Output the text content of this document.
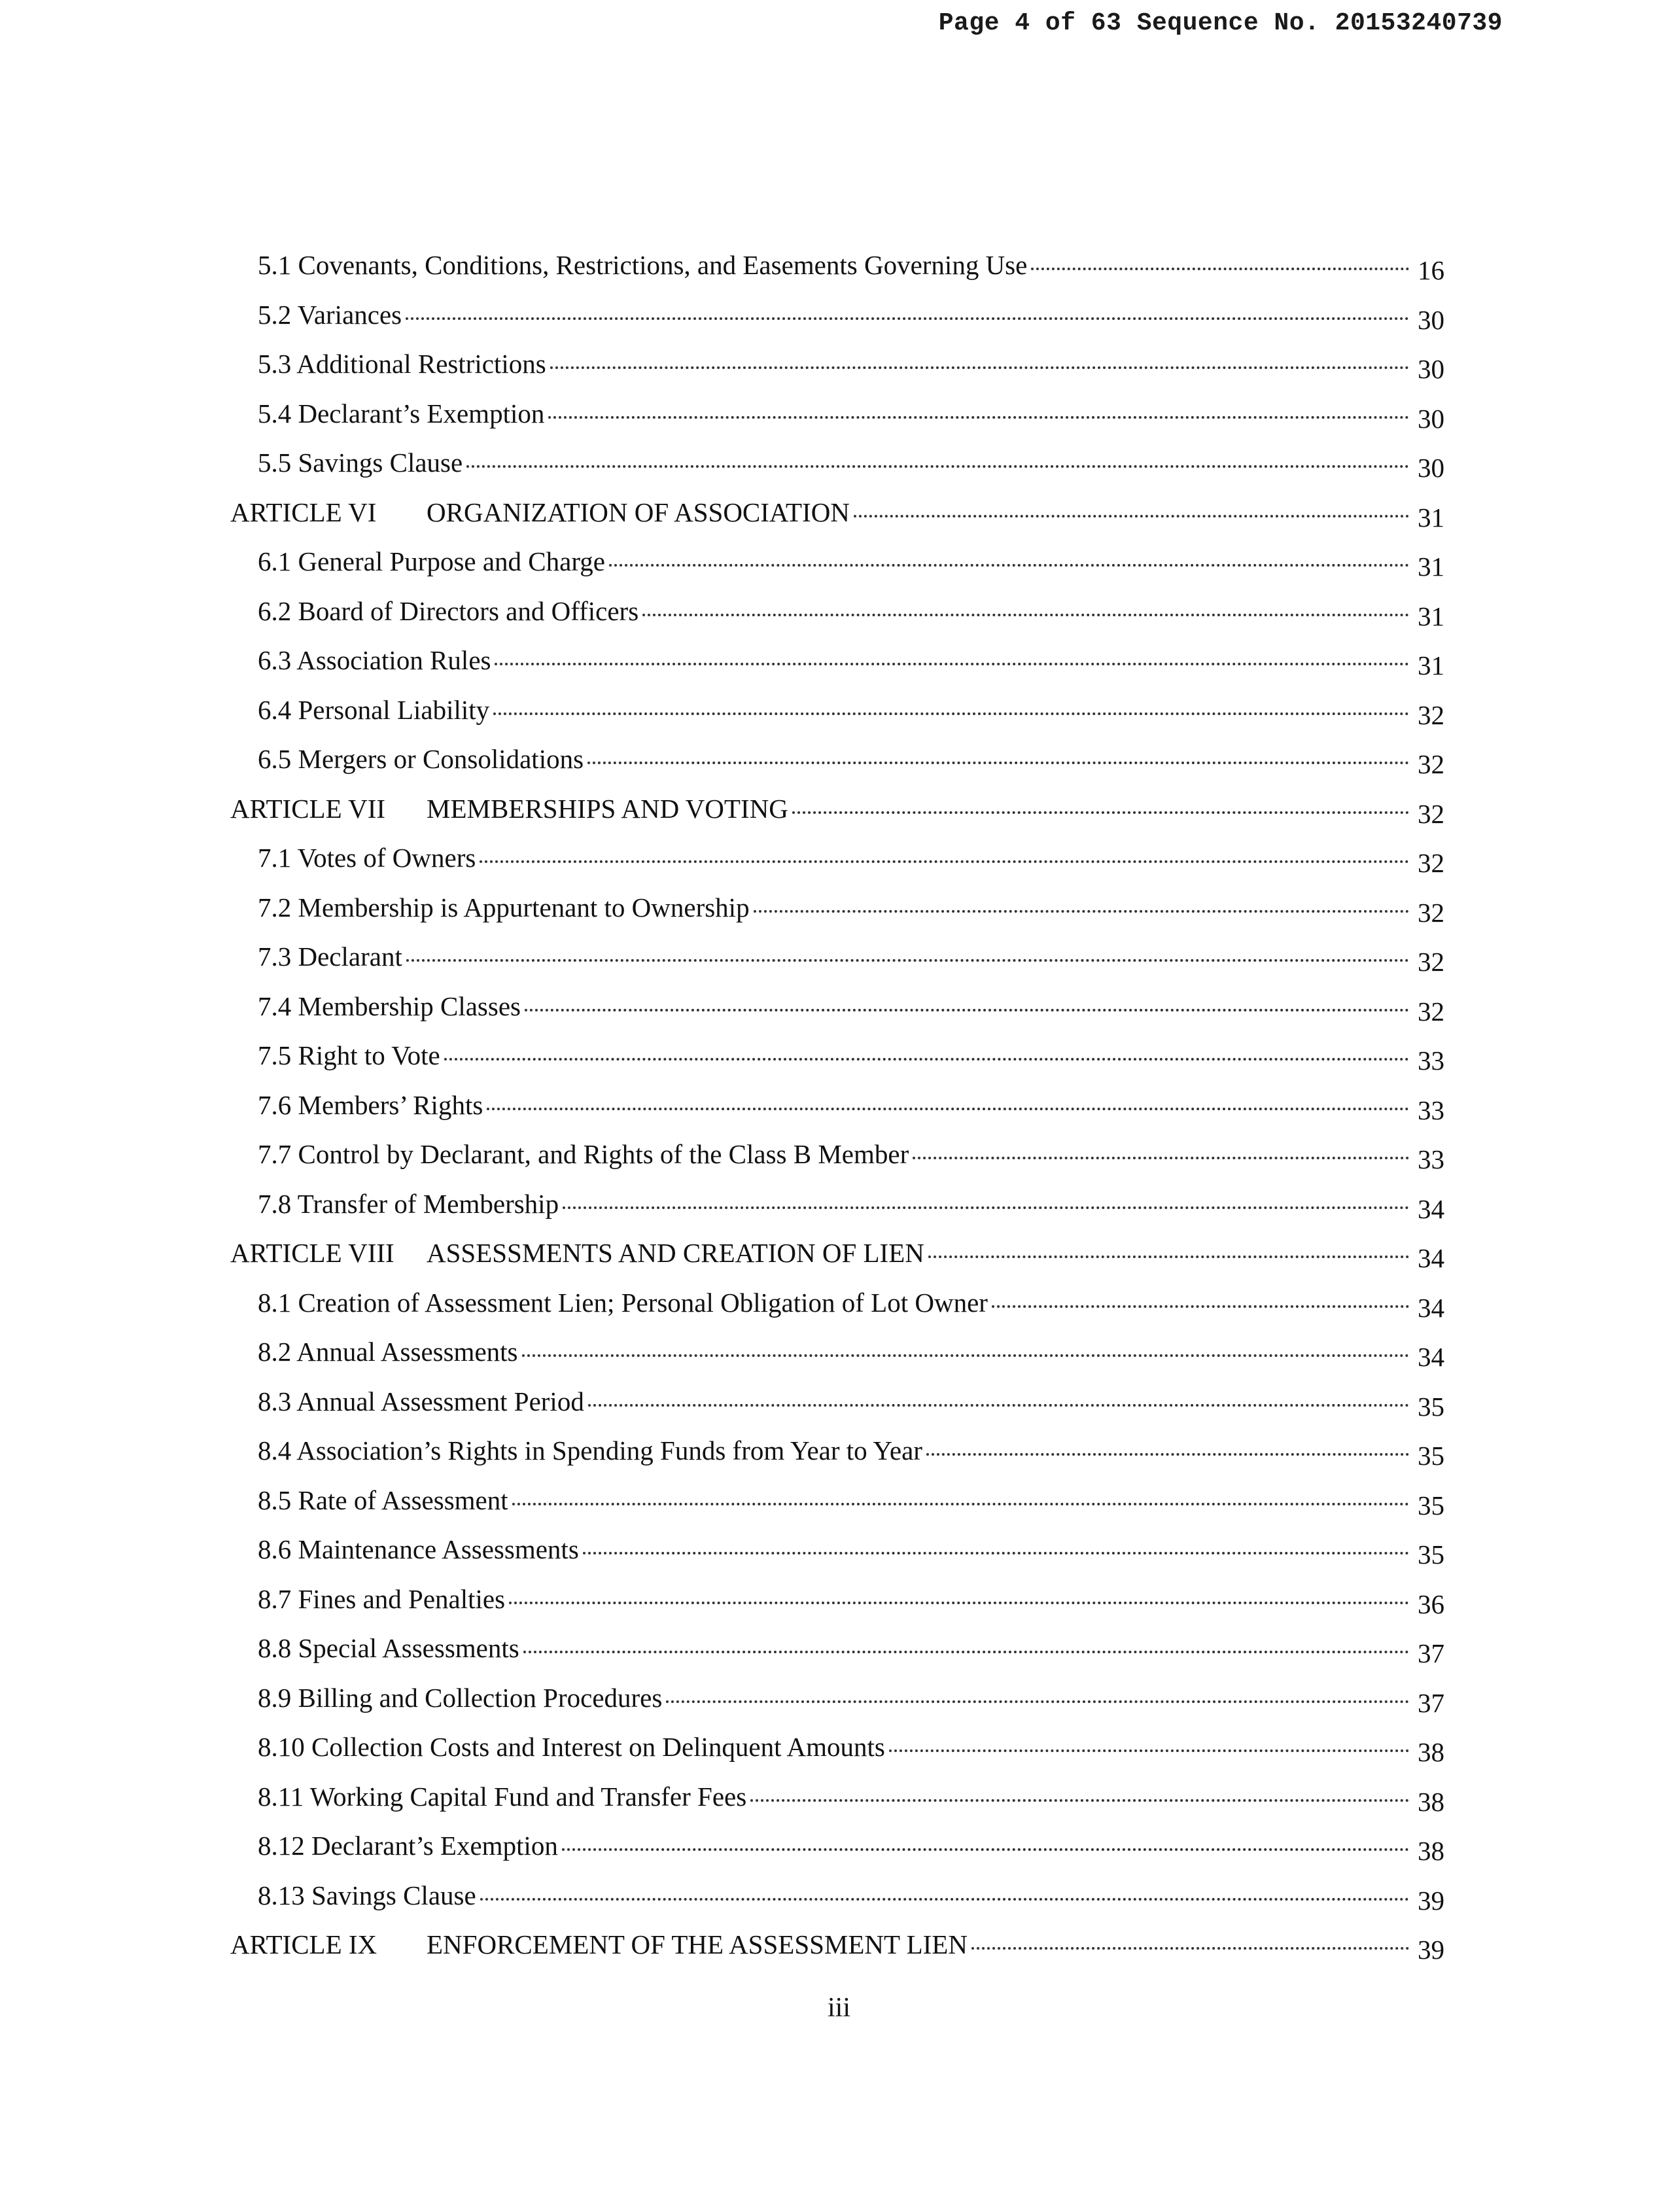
Page 4 of 63 Sequence No. 20153240739
5.1 Covenants, Conditions, Restrictions, and Easements Governing Use	16
5.2 Variances	30
5.3 Additional Restrictions	30
5.4 Declarant’s Exemption	30
5.5 Savings Clause	30
ARTICLE VI ORGANIZATION OF ASSOCIATION	31
6.1 General Purpose and Charge	31
6.2 Board of Directors and Officers	31
6.3 Association Rules	31
6.4 Personal Liability	32
6.5 Mergers or Consolidations	32
ARTICLE VII MEMBERSHIPS AND VOTING	32
7.1 Votes of Owners	32
7.2 Membership is Appurtenant to Ownership	32
7.3 Declarant	32
7.4 Membership Classes	32
7.5 Right to Vote	33
7.6 Members’ Rights	33
7.7 Control by Declarant, and Rights of the Class B Member	33
7.8 Transfer of Membership	34
ARTICLE VIII ASSESSMENTS AND CREATION OF LIEN	34
8.1 Creation of Assessment Lien; Personal Obligation of Lot Owner	34
8.2 Annual Assessments	34
8.3 Annual Assessment Period	35
8.4 Association’s Rights in Spending Funds from Year to Year	35
8.5 Rate of Assessment	35
8.6 Maintenance Assessments	35
8.7 Fines and Penalties	36
8.8 Special Assessments	37
8.9 Billing and Collection Procedures	37
8.10 Collection Costs and Interest on Delinquent Amounts	38
8.11 Working Capital Fund and Transfer Fees	38
8.12 Declarant’s Exemption	38
8.13 Savings Clause	39
ARTICLE IX ENFORCEMENT OF THE ASSESSMENT LIEN	39
iii
